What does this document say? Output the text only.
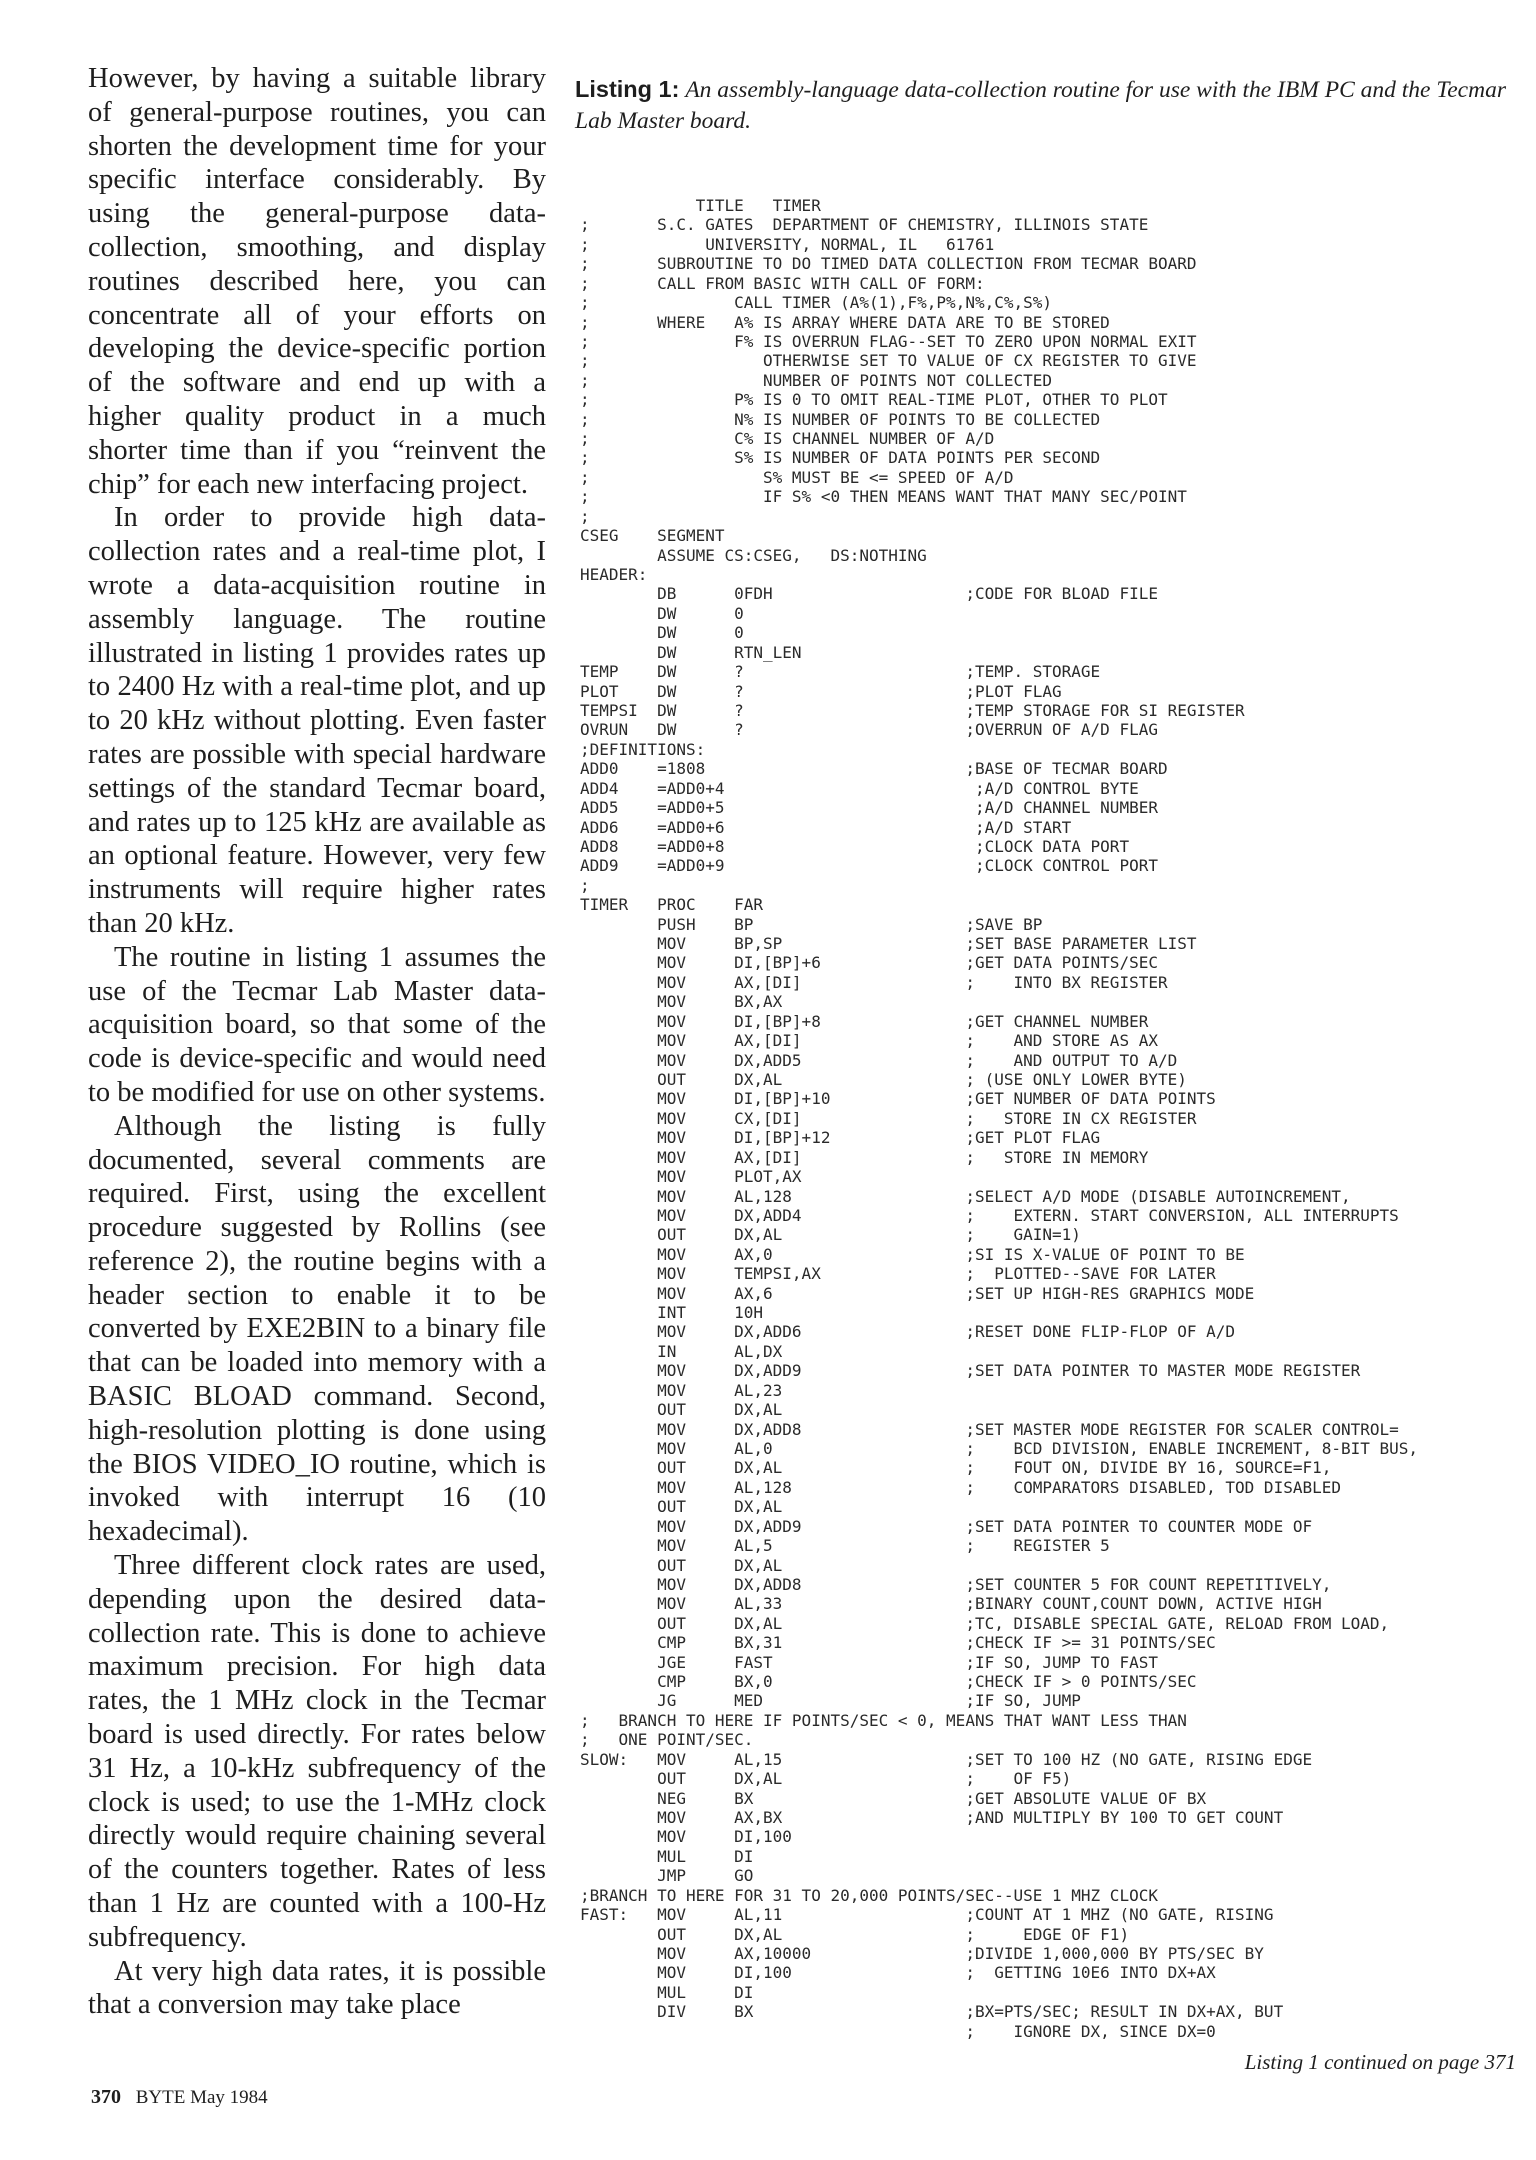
However, by having a suitable library of general-purpose routines, you can shorten the development time for your specific interface considerably. By using the general-purpose data-collection, smoothing, and display routines described here, you can concentrate all of your efforts on developing the device-specific portion of the software and end up with a higher quality product in a much shorter time than if you “reinvent the chip” for each new interfacing project.

In order to provide high data-collection rates and a real-time plot, I wrote a data-acquisition routine in assembly language. The routine illustrated in listing 1 provides rates up to 2400 Hz with a real-time plot, and up to 20 kHz without plotting. Even faster rates are possible with special hardware settings of the standard Tecmar board, and rates up to 125 kHz are available as an optional feature. However, very few instruments will require higher rates than 20 kHz.

The routine in listing 1 assumes the use of the Tecmar Lab Master data-acquisition board, so that some of the code is device-specific and would need to be modified for use on other systems.

Although the listing is fully documented, several comments are required. First, using the excellent procedure suggested by Rollins (see reference 2), the routine begins with a header section to enable it to be converted by EXE2BIN to a binary file that can be loaded into memory with a BASIC BLOAD command. Second, high-resolution plotting is done using the BIOS VIDEO_IO routine, which is invoked with interrupt 16 (10 hexadecimal).

Three different clock rates are used, depending upon the desired data-collection rate. This is done to achieve maximum precision. For high data rates, the 1 MHz clock in the Tecmar board is used directly. For rates below 31 Hz, a 10-kHz subfrequency of the clock is used; to use the 1-MHz clock directly would require chaining several of the counters together. Rates of less than 1 Hz are counted with a 100-Hz subfrequency.

At very high data rates, it is possible that a conversion may take place

Listing 1: An assembly-language data-collection routine for use with the IBM PC and the Tecmar Lab Master board.
TITLE   TIMER
;       S.C. GATES  DEPARTMENT OF CHEMISTRY, ILLINOIS STATE
;            UNIVERSITY, NORMAL, IL   61761
;       SUBROUTINE TO DO TIMED DATA COLLECTION FROM TECMAR BOARD
;       CALL FROM BASIC WITH CALL OF FORM:
;               CALL TIMER (A%(1),F%,P%,N%,C%,S%)
;       WHERE   A% IS ARRAY WHERE DATA ARE TO BE STORED
;               F% IS OVERRUN FLAG--SET TO ZERO UPON NORMAL EXIT
;                  OTHERWISE SET TO VALUE OF CX REGISTER TO GIVE
;                  NUMBER OF POINTS NOT COLLECTED
;               P% IS 0 TO OMIT REAL-TIME PLOT, OTHER TO PLOT
;               N% IS NUMBER OF POINTS TO BE COLLECTED
;               C% IS CHANNEL NUMBER OF A/D
;               S% IS NUMBER OF DATA POINTS PER SECOND
;                  S% MUST BE <= SPEED OF A/D
;                  IF S% <0 THEN MEANS WANT THAT MANY SEC/POINT
;
CSEG    SEGMENT
ASSUME CS:CSEG,   DS:NOTHING
HEADER:
DB      0FDH                    ;CODE FOR BLOAD FILE
DW      0
DW      0
DW      RTN_LEN
TEMP    DW      ?                       ;TEMP. STORAGE
PLOT    DW      ?                       ;PLOT FLAG
TEMPSI  DW      ?                       ;TEMP STORAGE FOR SI REGISTER
OVRUN   DW      ?                       ;OVERRUN OF A/D FLAG
;DEFINITIONS:
ADD0    =1808                           ;BASE OF TECMAR BOARD
ADD4    =ADD0+4                          ;A/D CONTROL BYTE
ADD5    =ADD0+5                          ;A/D CHANNEL NUMBER
ADD6    =ADD0+6                          ;A/D START
ADD8    =ADD0+8                          ;CLOCK DATA PORT
ADD9    =ADD0+9                          ;CLOCK CONTROL PORT
;
TIMER   PROC    FAR
PUSH    BP                      ;SAVE BP
MOV     BP,SP                   ;SET BASE PARAMETER LIST
MOV     DI,[BP]+6               ;GET DATA POINTS/SEC
MOV     AX,[DI]                 ;    INTO BX REGISTER
MOV     BX,AX
MOV     DI,[BP]+8               ;GET CHANNEL NUMBER
MOV     AX,[DI]                 ;    AND STORE AS AX
MOV     DX,ADD5                 ;    AND OUTPUT TO A/D
OUT     DX,AL                   ; (USE ONLY LOWER BYTE)
MOV     DI,[BP]+10              ;GET NUMBER OF DATA POINTS
MOV     CX,[DI]                 ;   STORE IN CX REGISTER
MOV     DI,[BP]+12              ;GET PLOT FLAG
MOV     AX,[DI]                 ;   STORE IN MEMORY
MOV     PLOT,AX
MOV     AL,128                  ;SELECT A/D MODE (DISABLE AUTOINCREMENT,
MOV     DX,ADD4                 ;    EXTERN. START CONVERSION, ALL INTERRUPTS
OUT     DX,AL                   ;    GAIN=1)
MOV     AX,0                    ;SI IS X-VALUE OF POINT TO BE
MOV     TEMPSI,AX               ;  PLOTTED--SAVE FOR LATER
MOV     AX,6                    ;SET UP HIGH-RES GRAPHICS MODE
INT     10H
MOV     DX,ADD6                 ;RESET DONE FLIP-FLOP OF A/D
IN      AL,DX
MOV     DX,ADD9                 ;SET DATA POINTER TO MASTER MODE REGISTER
MOV     AL,23
OUT     DX,AL
MOV     DX,ADD8                 ;SET MASTER MODE REGISTER FOR SCALER CONTROL=
MOV     AL,0                    ;    BCD DIVISION, ENABLE INCREMENT, 8-BIT BUS,
OUT     DX,AL                   ;    FOUT ON, DIVIDE BY 16, SOURCE=F1,
MOV     AL,128                  ;    COMPARATORS DISABLED, TOD DISABLED
OUT     DX,AL
MOV     DX,ADD9                 ;SET DATA POINTER TO COUNTER MODE OF
MOV     AL,5                    ;    REGISTER 5
OUT     DX,AL
MOV     DX,ADD8                 ;SET COUNTER 5 FOR COUNT REPETITIVELY,
MOV     AL,33                   ;BINARY COUNT,COUNT DOWN, ACTIVE HIGH
OUT     DX,AL                   ;TC, DISABLE SPECIAL GATE, RELOAD FROM LOAD,
CMP     BX,31                   ;CHECK IF >= 31 POINTS/SEC
JGE     FAST                    ;IF SO, JUMP TO FAST
CMP     BX,0                    ;CHECK IF > 0 POINTS/SEC
JG      MED                     ;IF SO, JUMP
;   BRANCH TO HERE IF POINTS/SEC < 0, MEANS THAT WANT LESS THAN
;   ONE POINT/SEC.
SLOW:   MOV     AL,15                   ;SET TO 100 HZ (NO GATE, RISING EDGE
OUT     DX,AL                   ;    OF F5)
NEG     BX                      ;GET ABSOLUTE VALUE OF BX
MOV     AX,BX                   ;AND MULTIPLY BY 100 TO GET COUNT
MOV     DI,100
MUL     DI
JMP     GO
;BRANCH TO HERE FOR 31 TO 20,000 POINTS/SEC--USE 1 MHZ CLOCK
FAST:   MOV     AL,11                   ;COUNT AT 1 MHZ (NO GATE, RISING
OUT     DX,AL                   ;     EDGE OF F1)
MOV     AX,10000                ;DIVIDE 1,000,000 BY PTS/SEC BY
MOV     DI,100                  ;  GETTING 10E6 INTO DX+AX
MUL     DI
DIV     BX                      ;BX=PTS/SEC; RESULT IN DX+AX, BUT
;    IGNORE DX, SINCE DX=0
Listing 1 continued on page 371
370 BYTE May 1984
